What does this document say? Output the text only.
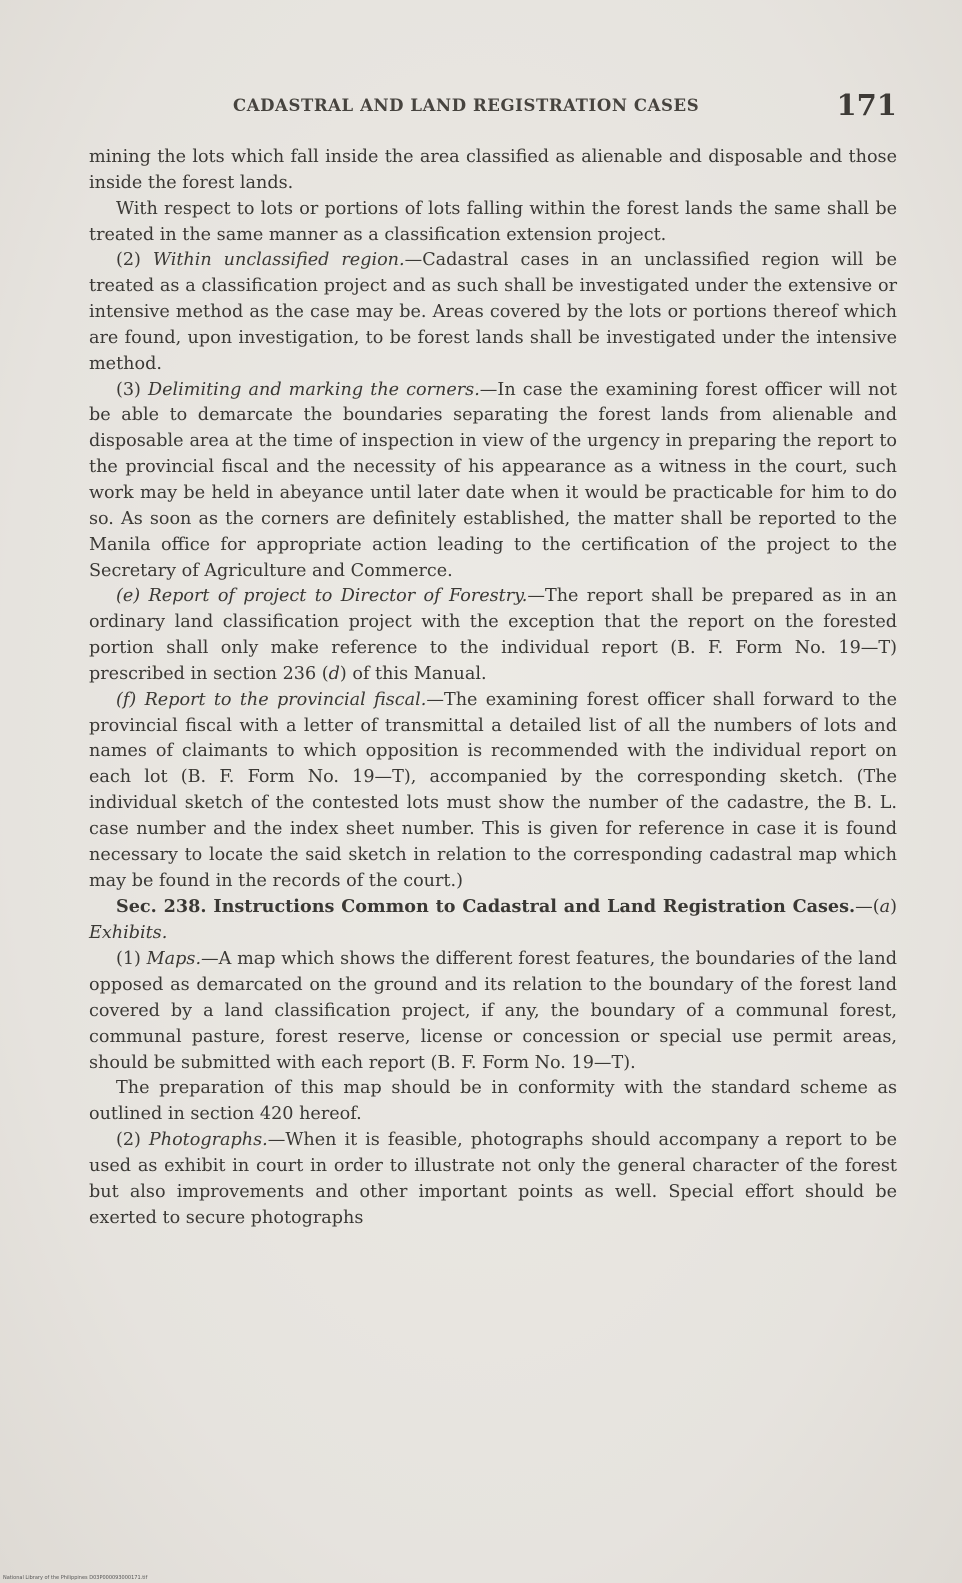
CADASTRAL AND LAND REGISTRATION CASES	171

mining the lots which fall inside the area classified as alienable and disposable and those inside the forest lands.

With respect to lots or portions of lots falling within the forest lands the same shall be treated in the same manner as a classification extension project.

(2) Within unclassified region.—Cadastral cases in an unclassified region will be treated as a classification project and as such shall be investigated under the extensive or intensive method as the case may be. Areas covered by the lots or portions thereof which are found, upon investigation, to be forest lands shall be investigated under the intensive method.

(3) Delimiting and marking the corners.—In case the examining forest officer will not be able to demarcate the boundaries separating the forest lands from alienable and disposable area at the time of inspection in view of the urgency in preparing the report to the provincial fiscal and the necessity of his appearance as a witness in the court, such work may be held in abeyance until later date when it would be practicable for him to do so. As soon as the corners are definitely established, the matter shall be reported to the Manila office for appropriate action leading to the certification of the project to the Secretary of Agriculture and Commerce.

(e) Report of project to Director of Forestry.—The report shall be prepared as in an ordinary land classification project with the exception that the report on the forested portion shall only make reference to the individual report (B. F. Form No. 19—T) prescribed in section 236 (d) of this Manual.

(f) Report to the provincial fiscal.—The examining forest officer shall forward to the provincial fiscal with a letter of transmittal a detailed list of all the numbers of lots and names of claimants to which opposition is recommended with the individual report on each lot (B. F. Form No. 19—T), accompanied by the corresponding sketch. (The individual sketch of the contested lots must show the number of the cadastre, the B. L. case number and the index sheet number. This is given for reference in case it is found necessary to locate the said sketch in relation to the corresponding cadastral map which may be found in the records of the court.)

Sec. 238. Instructions Common to Cadastral and Land Registration Cases.—(a) Exhibits.

(1) Maps.—A map which shows the different forest features, the boundaries of the land opposed as demarcated on the ground and its relation to the boundary of the forest land covered by a land classification project, if any, the boundary of a communal forest, communal pasture, forest reserve, license or concession or special use permit areas, should be submitted with each report (B. F. Form No. 19—T).

The preparation of this map should be in conformity with the standard scheme as outlined in section 420 hereof.

(2) Photographs.—When it is feasible, photographs should accompany a report to be used as exhibit in court in order to illustrate not only the general character of the forest but also improvements and other important points as well. Special effort should be exerted to secure photographs

National Library of the Philippines D03P000093000171.tif
